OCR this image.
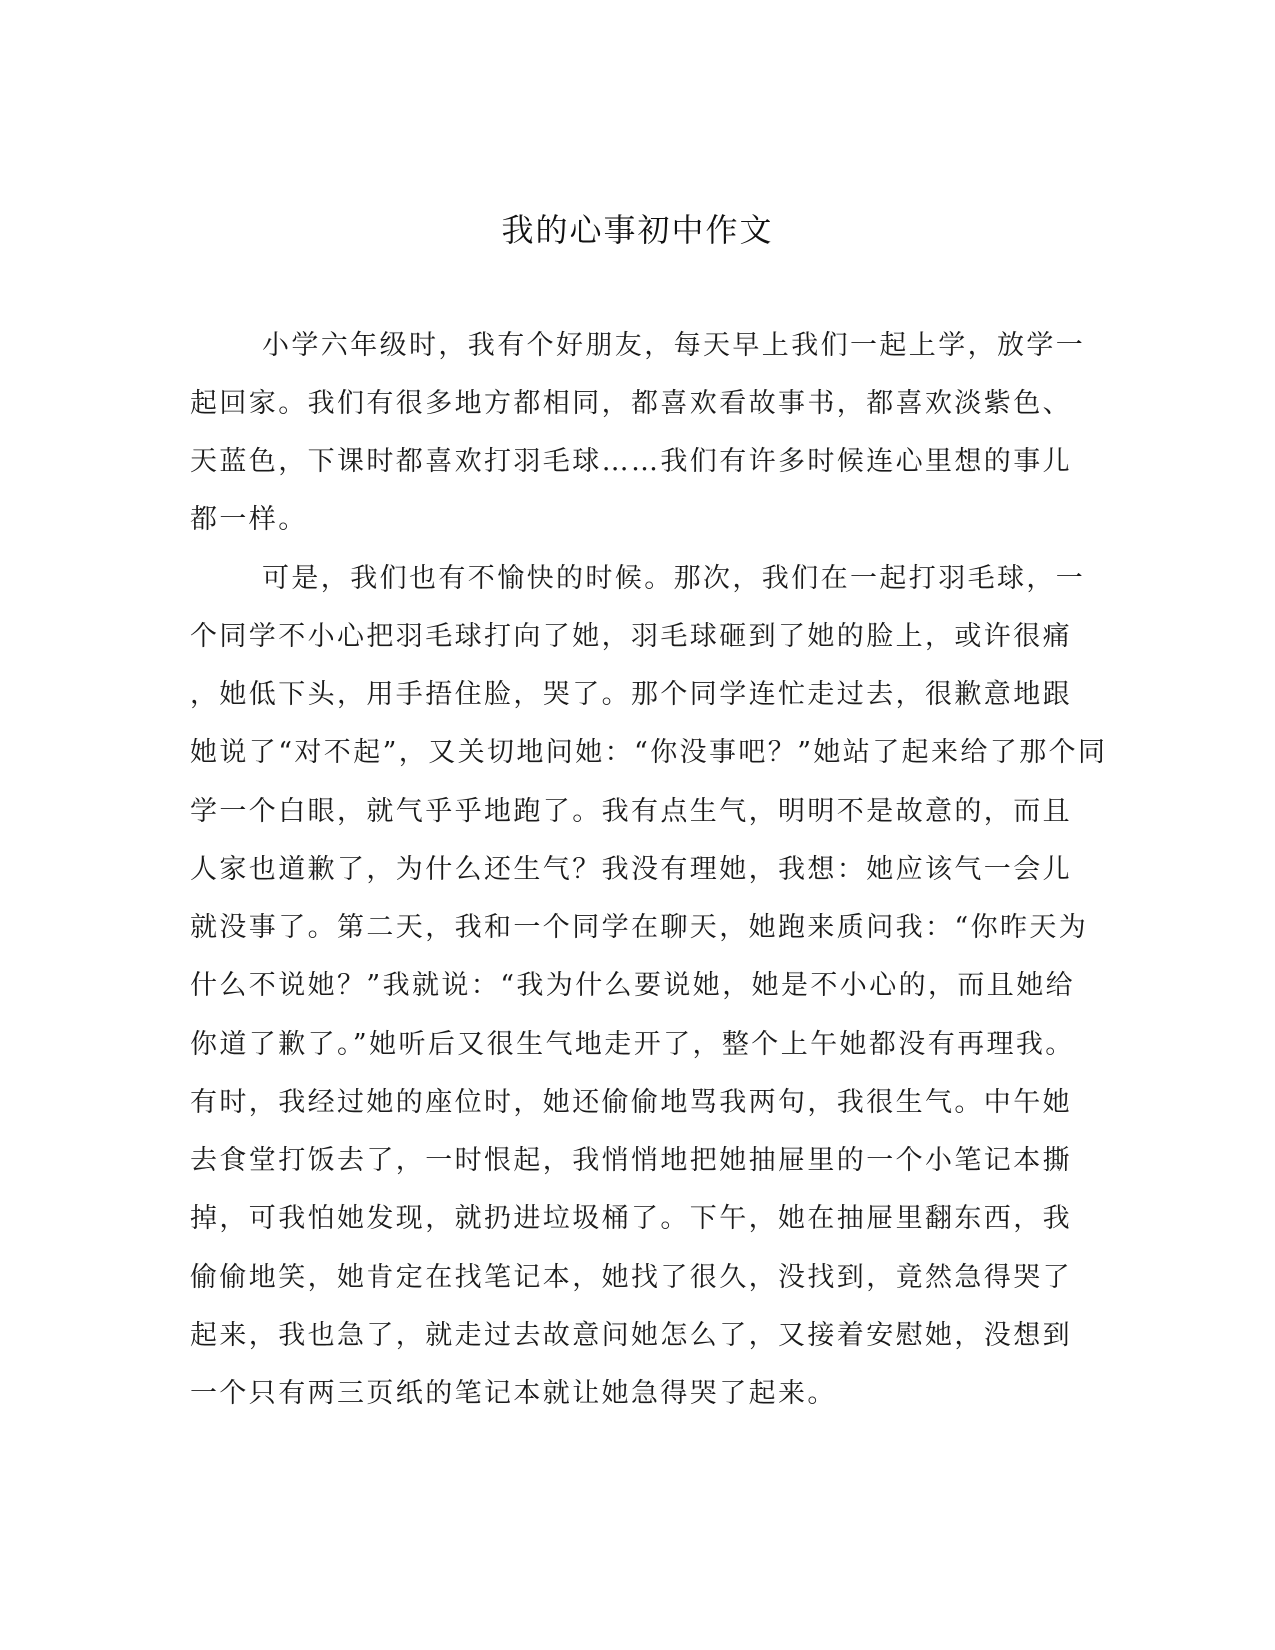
我的心事初中作文
小学六年级时，我有个好朋友，每天早上我们一起上学，放学一
起回家。我们有很多地方都相同，都喜欢看故事书，都喜欢淡紫色、
天蓝色，下课时都喜欢打羽毛球……我们有许多时候连心里想的事儿
都一样。
可是，我们也有不愉快的时候。那次，我们在一起打羽毛球，一
个同学不小心把羽毛球打向了她，羽毛球砸到了她的脸上，或许很痛
，她低下头，用手捂住脸，哭了。那个同学连忙走过去，很歉意地跟
她说了“对不起”，又关切地问她：“你没事吧？”她站了起来给了那个同
学一个白眼，就气乎乎地跑了。我有点生气，明明不是故意的，而且
人家也道歉了，为什么还生气？我没有理她，我想：她应该气一会儿
就没事了。第二天，我和一个同学在聊天，她跑来质问我：“你昨天为
什么不说她？”我就说：“我为什么要说她，她是不小心的，而且她给
你道了歉了。”她听后又很生气地走开了，整个上午她都没有再理我。
有时，我经过她的座位时，她还偷偷地骂我两句，我很生气。中午她
去食堂打饭去了，一时恨起，我悄悄地把她抽屉里的一个小笔记本撕
掉，可我怕她发现，就扔进垃圾桶了。下午，她在抽屉里翻东西，我
偷偷地笑，她肯定在找笔记本，她找了很久，没找到，竟然急得哭了
起来，我也急了，就走过去故意问她怎么了，又接着安慰她，没想到
一个只有两三页纸的笔记本就让她急得哭了起来。
